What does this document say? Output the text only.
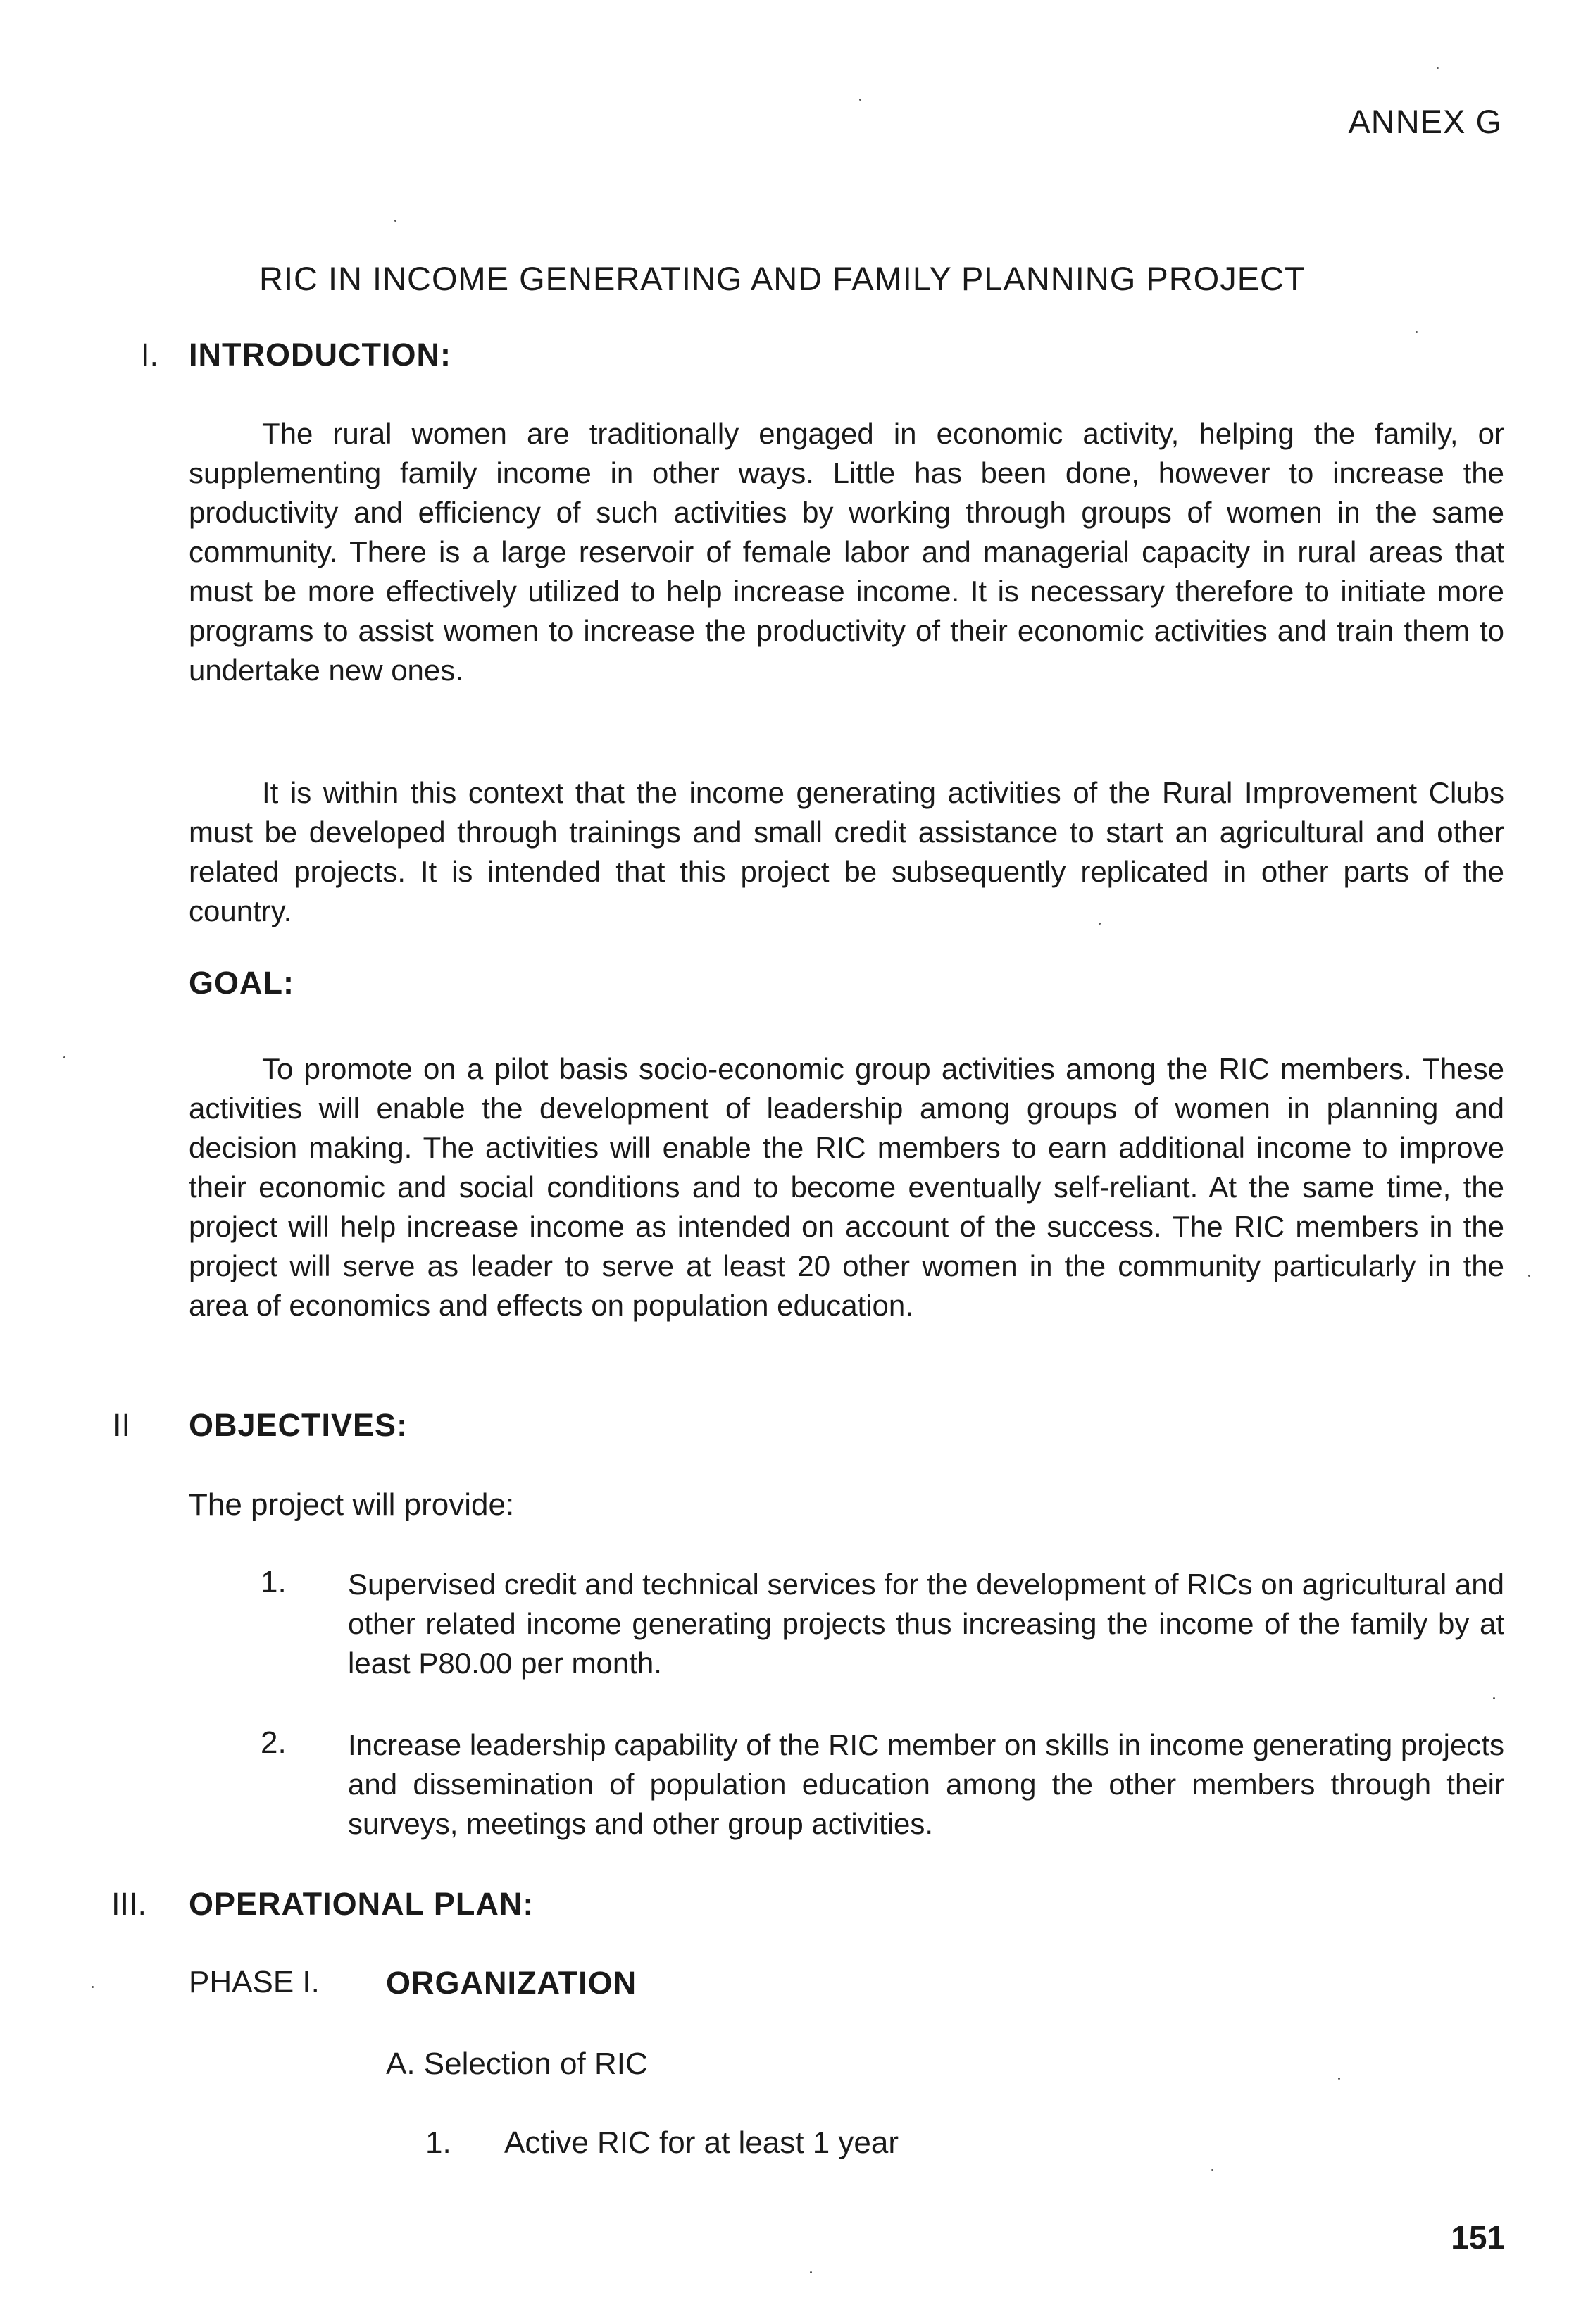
ANNEX G
RIC IN INCOME GENERATING AND FAMILY PLANNING PROJECT
I. INTRODUCTION:

The rural women are traditionally engaged in economic activity, helping the family, or supplementing family income in other ways. Little has been done, however to increase the productivity and efficiency of such activities by working through groups of women in the same community. There is a large reservoir of female labor and managerial capacity in rural areas that must be more effectively utilized to help increase income. It is necessary therefore to initiate more programs to assist women to increase the productivity of their economic activities and train them to undertake new ones.

It is within this context that the income generating activities of the Rural Improvement Clubs must be developed through trainings and small credit assistance to start an agricultural and other related projects. It is intended that this project be subsequently replicated in other parts of the country.

GOAL:

To promote on a pilot basis socio-economic group activities among the RIC members. These activities will enable the development of leadership among groups of women in planning and decision making. The activities will enable the RIC members to earn additional income to improve their economic and social conditions and to become eventually self-reliant. At the same time, the project will help increase income as intended on account of the success. The RIC members in the project will serve as leader to serve at least 20 other women in the community particularly in the area of economics and effects on population education.

II OBJECTIVES:
The project will provide:
1. Supervised credit and technical services for the development of RICs on agricultural and other related income generating projects thus increasing the income of the family by at least P80.00 per month.

2. Increase leadership capability of the RIC member on skills in income generating projects and dissemination of population education among the other members through their surveys, meetings and other group activities.

III. OPERATIONAL PLAN:
PHASE I. ORGANIZATION
A. Selection of RIC
1. Active RIC for at least 1 year
151
